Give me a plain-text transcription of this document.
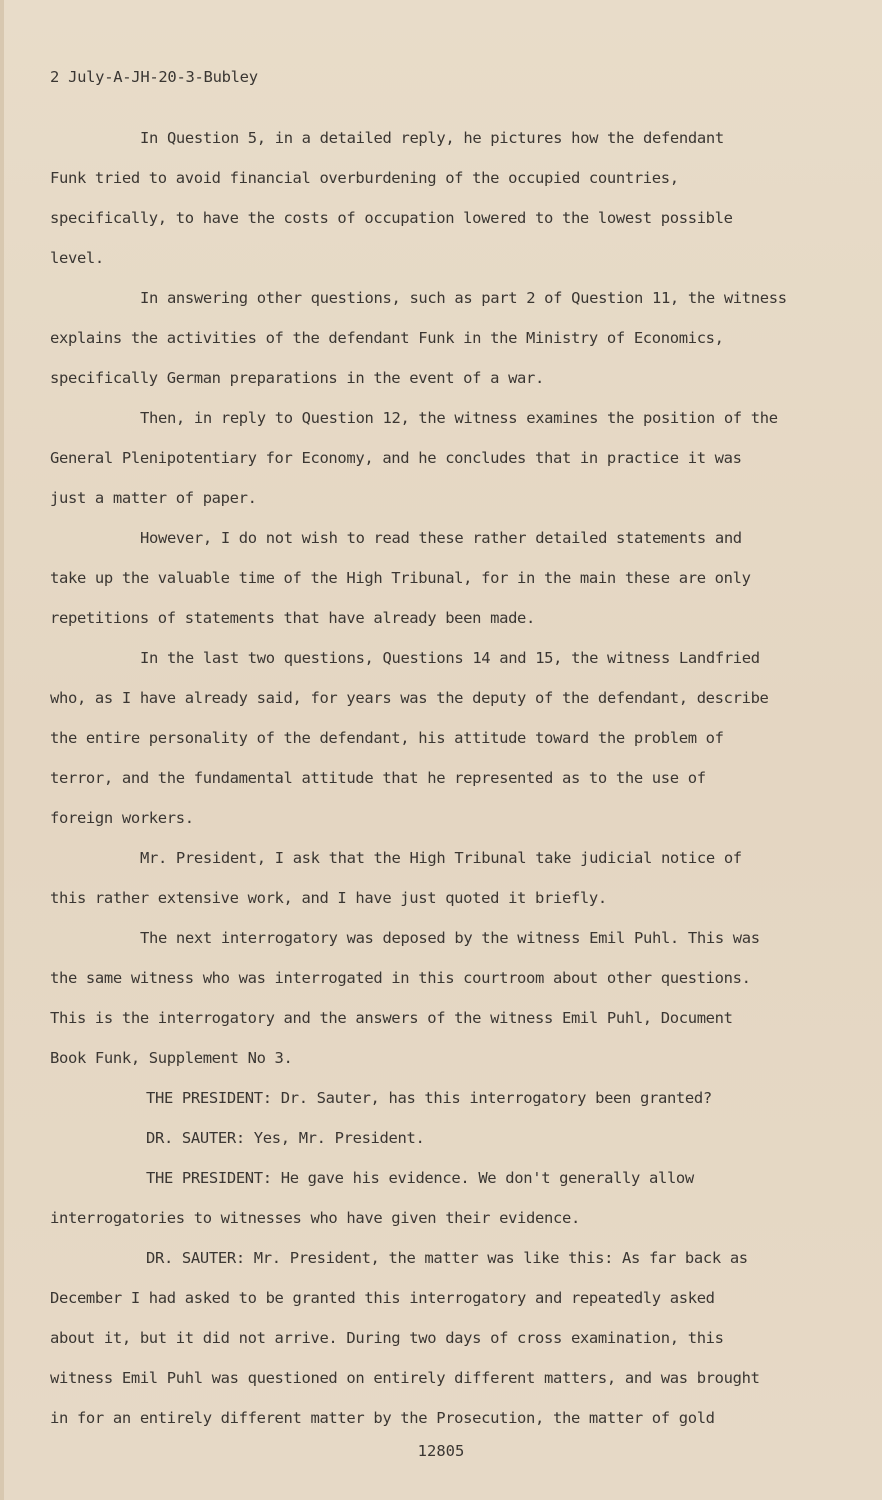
2 July-A-JH-20-3-Bubley
In Question 5, in a detailed reply, he pictures how the defendant
Funk tried to avoid financial overburdening of the occupied countries,
specifically, to have the costs of occupation lowered to the lowest possible
level.
In answering other questions, such as part 2 of Question 11, the witness
explains the activities of the defendant Funk in the Ministry of Economics,
specifically German preparations in the event of a war.
Then, in reply to Question 12, the witness examines the position of the
General Plenipotentiary for Economy, and he concludes that in practice it was
just a matter of paper.
However, I do not wish to read these rather detailed statements and
take up the valuable time of the High Tribunal, for in the main these are only
repetitions of statements that have already been made.
In the last two questions, Questions 14 and 15, the witness Landfried
who, as I have already said, for years was the deputy of the defendant, describe
the entire personality of the defendant, his attitude toward the problem of
terror, and the fundamental attitude that he represented as to the use of
foreign workers.
Mr. President, I ask that the High Tribunal take judicial notice of
this rather extensive work, and I have just quoted it briefly.
The next interrogatory was deposed by the witness Emil Puhl. This was
the same witness who was interrogated in this courtroom about other questions.
This is the interrogatory and the answers of the witness Emil Puhl, Document
Book Funk, Supplement No 3.
THE PRESIDENT: Dr. Sauter, has this interrogatory been granted?
DR. SAUTER: Yes, Mr. President.
THE PRESIDENT: He gave his evidence. We don't generally allow
interrogatories to witnesses who have given their evidence.
DR. SAUTER: Mr. President, the matter was like this: As far back as
December I had asked to be granted this interrogatory and repeatedly asked
about it, but it did not arrive. During two days of cross examination, this
witness Emil Puhl was questioned on entirely different matters, and was brought
in for an entirely different matter by the Prosecution, the matter of gold
12805
